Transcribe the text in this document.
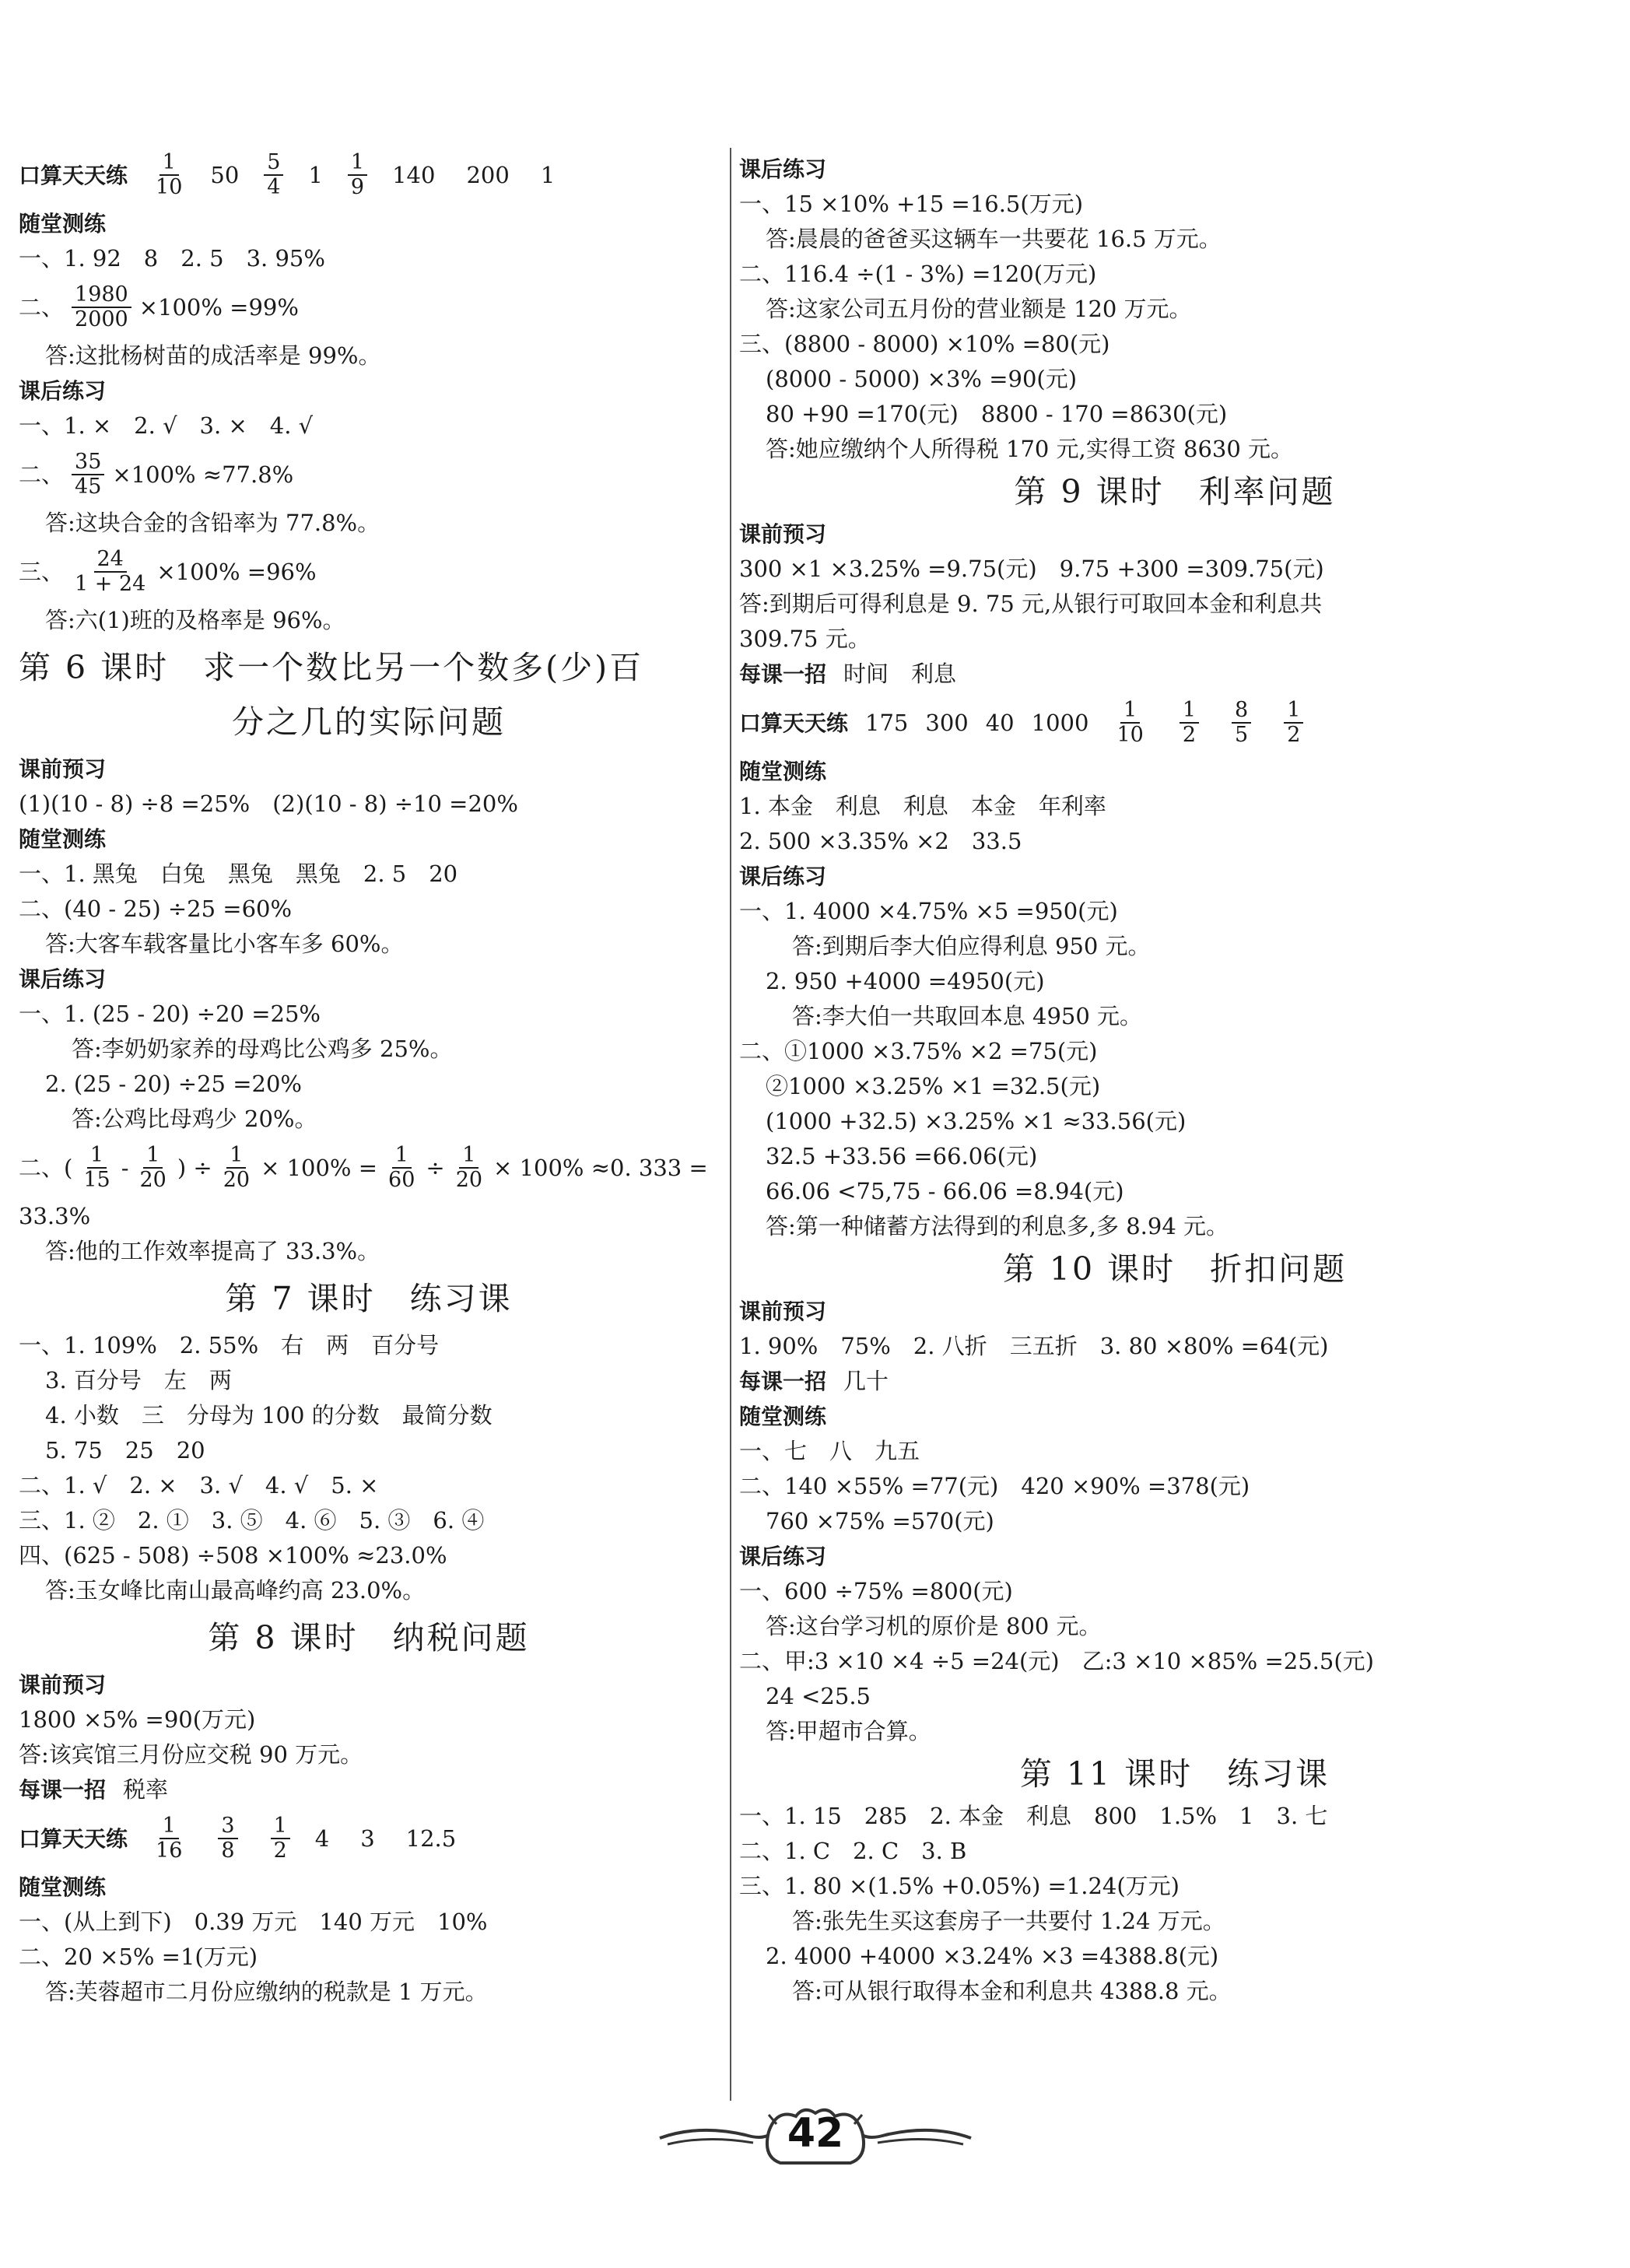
口算天天练 $\frac{1}{10} 50 \frac{5}{4} 1 \frac{1}{9} 140$ 200 1
随堂测练
一、1. 92　8　2. 5　3. 95%
二、 $\frac{1980}{2000} \times 100\% =99\%$
答:这批杨树苗的成活率是 99%。
课后练习
一、1. ×　2. √　3. ×　4. √
二、 $\frac{35}{45} \times 100\% \approx 77.8\%$
答:这块合金的含铅率为 77.8%。
三、 $\frac{24}{1 + 24} \times 100\% =96\%$
答:六(1)班的及格率是 96%。
第 6 课时　求一个数比另一个数多(少)百
分之几的实际问题
课前预习
(1)(10 - 8) ÷8 =25%　(2)(10 - 8) ÷10 =20%
随堂测练
一、1. 黑兔　白兔　黑兔　黑兔　2. 5　20
二、(40 - 25) ÷25 =60%
答:大客车载客量比小客车多 60%。
课后练习
一、1. (25 - 20) ÷20 =25%
答:李奶奶家养的母鸡比公鸡多 25%。
2. (25 - 20) ÷25 =20%
答:公鸡比母鸡少 20%。
二、( $\frac{1}{15} - \frac{1}{20}$ ) ÷ $\frac{1}{20} \times 100\% = \frac{1}{60} \div \frac{1}{20} \times 100\% \approx 0$. 333 =
33.3%
答:他的工作效率提高了 33.3%。
第 7 课时　练习课
一、1. 109%　2. 55%　右　两　百分号
3. 百分号　左　两
4. 小数　三　分母为 100 的分数　最简分数
5. 75　25　20
二、1. √　2. ×　3. √　4. √　5. ×
三、1. ②　2. ①　3. ⑤　4. ⑥　5. ③　6. ④
四、(625 - 508) ÷508 ×100% ≈23.0%
答:玉女峰比南山最高峰约高 23.0%。
第 8 课时　纳税问题
课前预习
1800 ×5% =90(万元)
答:该宾馆三月份应交税 90 万元。
每课一招 税率
口算天天练 $\frac{1}{16} \frac{3}{8} \frac{1}{2} 4$ 3 12.5
随堂测练
一、(从上到下)　0.39 万元　140 万元　10%
二、20 ×5% =1(万元)
答:芙蓉超市二月份应缴纳的税款是 1 万元。
课后练习
一、15 ×10% +15 =16.5(万元)
答:晨晨的爸爸买这辆车一共要花 16.5 万元。
二、116.4 ÷(1 - 3%) =120(万元)
答:这家公司五月份的营业额是 120 万元。
三、(8800 - 8000) ×10% =80(元)
(8000 - 5000) ×3% =90(元)
80 +90 =170(元)　8800 - 170 =8630(元)
答:她应缴纳个人所得税 170 元,实得工资 8630 元。
第 9 课时　利率问题
课前预习
300 ×1 ×3.25% =9.75(元)　9.75 +300 =309.75(元)
答:到期后可得利息是 9. 75 元,从银行可取回本金和利息共
309.75 元。
每课一招 时间　利息
口算天天练 175 300 40 $1000 \frac{1}{10} \frac{1}{2} \frac{8}{5} \frac{1}{2}$
随堂测练
1. 本金　利息　利息　本金　年利率
2. 500 ×3.35% ×2　33.5
课后练习
一、1. 4000 ×4.75% ×5 =950(元)
答:到期后李大伯应得利息 950 元。
2. 950 +4000 =4950(元)
答:李大伯一共取回本息 4950 元。
二、①1000 ×3.75% ×2 =75(元)
②1000 ×3.25% ×1 =32.5(元)
(1000 +32.5) ×3.25% ×1 ≈33.56(元)
32.5 +33.56 =66.06(元)
66.06 <75,75 - 66.06 =8.94(元)
答:第一种储蓄方法得到的利息多,多 8.94 元。
第 10 课时　折扣问题
课前预习
1. 90%　75%　2. 八折　三五折　3. 80 ×80% =64(元)
每课一招 几十
随堂测练
一、七　八　九五
二、140 ×55% =77(元)　420 ×90% =378(元)
760 ×75% =570(元)
课后练习
一、600 ÷75% =800(元)
答:这台学习机的原价是 800 元。
二、甲:3 ×10 ×4 ÷5 =24(元)　乙:3 ×10 ×85% =25.5(元)
24 <25.5
答:甲超市合算。
第 11 课时　练习课
一、1. 15　285　2. 本金　利息　800　1.5%　1　3. 七
二、1. C　2. C　3. B
三、1. 80 ×(1.5% +0.05%) =1.24(万元)
答:张先生买这套房子一共要付 1.24 万元。
2. 4000 +4000 ×3.24% ×3 =4388.8(元)
答:可从银行取得本金和利息共 4388.8 元。
42
